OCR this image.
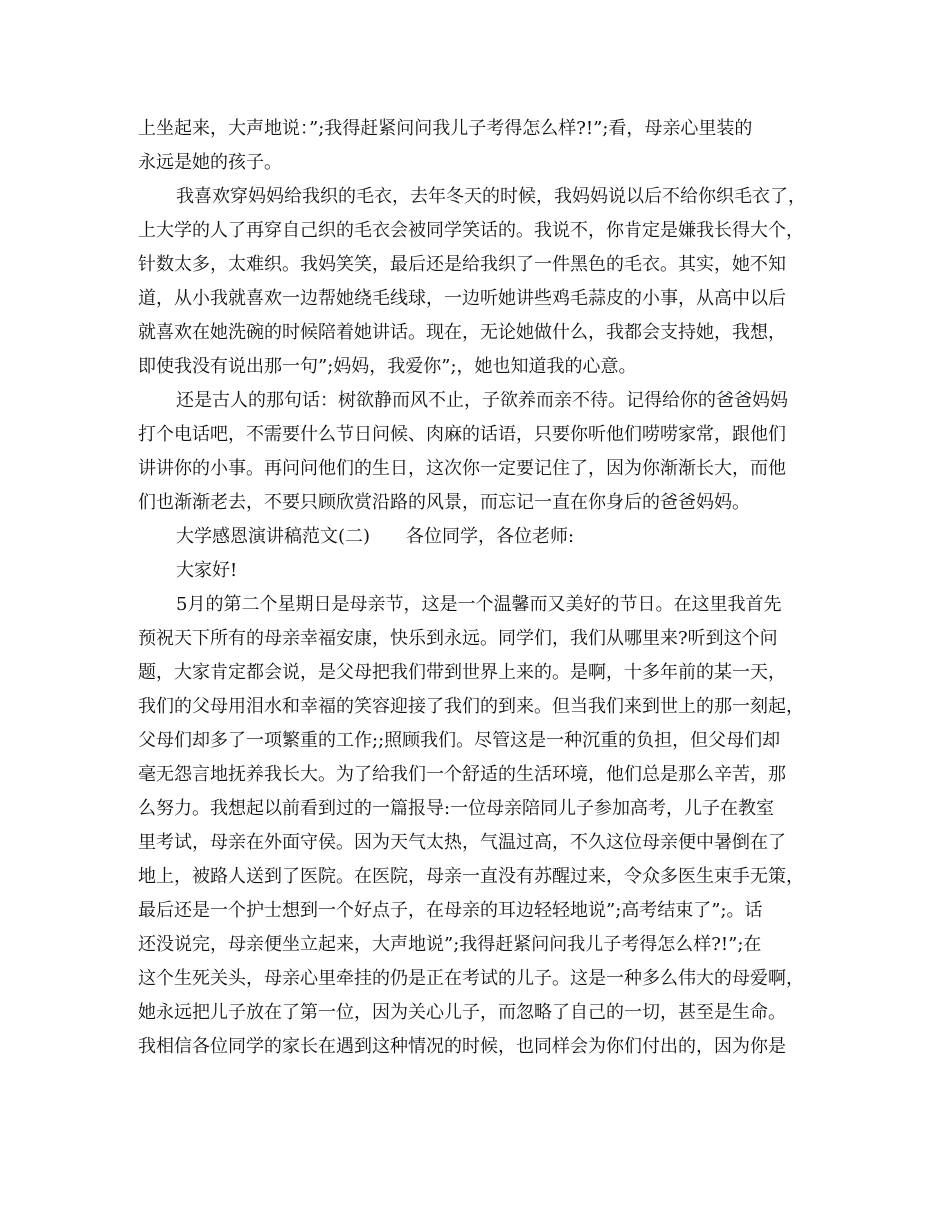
上坐起来，大声地说：”;我得赶紧问问我儿子考得怎么样?!”;看，母亲心里装的
永远是她的孩子。
我喜欢穿妈妈给我织的毛衣，去年冬天的时候，我妈妈说以后不给你织毛衣了，
上大学的人了再穿自己织的毛衣会被同学笑话的。我说不，你肯定是嫌我长得大个，
针数太多，太难织。我妈笑笑，最后还是给我织了一件黑色的毛衣。其实，她不知
道，从小我就喜欢一边帮她绕毛线球，一边听她讲些鸡毛蒜皮的小事，从高中以后
就喜欢在她洗碗的时候陪着她讲话。现在，无论她做什么，我都会支持她，我想，
即使我没有说出那一句”;妈妈，我爱你”;，她也知道我的心意。
还是古人的那句话：树欲静而风不止，子欲养而亲不待。记得给你的爸爸妈妈
打个电话吧，不需要什么节日问候、肉麻的话语，只要你听他们唠唠家常，跟他们
讲讲你的小事。再问问他们的生日，这次你一定要记住了，因为你渐渐长大，而他
们也渐渐老去，不要只顾欣赏沿路的风景，而忘记一直在你身后的爸爸妈妈。
大学感恩演讲稿范文(二)　　各位同学，各位老师:
大家好!
5月的第二个星期日是母亲节，这是一个温馨而又美好的节日。在这里我首先
预祝天下所有的母亲幸福安康，快乐到永远。同学们，我们从哪里来?听到这个问
题，大家肯定都会说，是父母把我们带到世界上来的。是啊，十多年前的某一天，
我们的父母用泪水和幸福的笑容迎接了我们的到来。但当我们来到世上的那一刻起，
父母们却多了一项繁重的工作;;照顾我们。尽管这是一种沉重的负担，但父母们却
毫无怨言地抚养我长大。为了给我们一个舒适的生活环境，他们总是那么辛苦，那
么努力。我想起以前看到过的一篇报导:一位母亲陪同儿子参加高考，儿子在教室
里考试，母亲在外面守侯。因为天气太热，气温过高，不久这位母亲便中暑倒在了
地上，被路人送到了医院。在医院，母亲一直没有苏醒过来，令众多医生束手无策，
最后还是一个护士想到一个好点子，在母亲的耳边轻轻地说”;高考结束了”;。话
还没说完，母亲便坐立起来，大声地说”;我得赶紧问问我儿子考得怎么样?!”;在
这个生死关头，母亲心里牵挂的仍是正在考试的儿子。这是一种多么伟大的母爱啊，
她永远把儿子放在了第一位，因为关心儿子，而忽略了自己的一切，甚至是生命。
我相信各位同学的家长在遇到这种情况的时候，也同样会为你们付出的，因为你是
